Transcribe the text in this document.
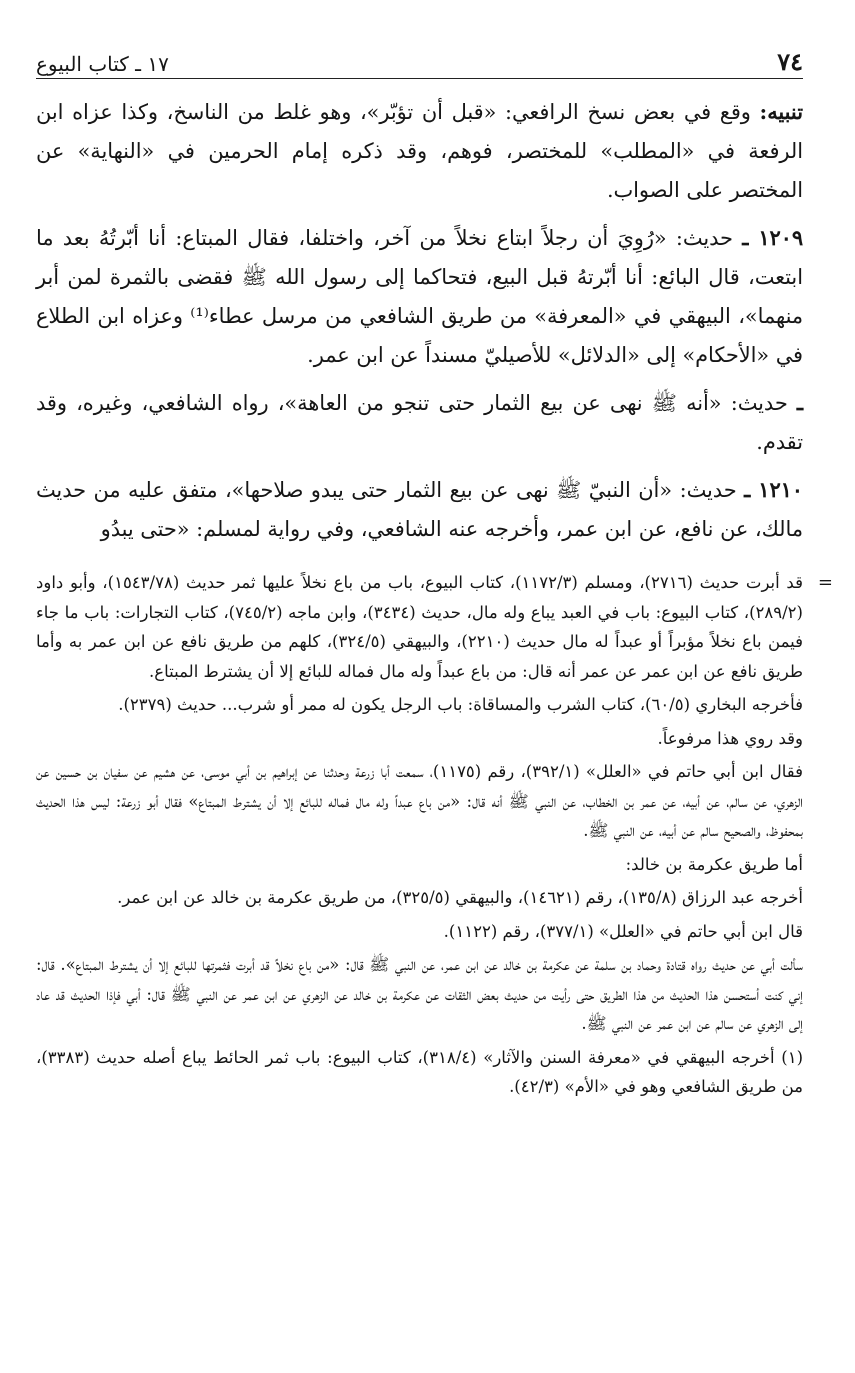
٧٤
١٧ ـ كتاب البيوع

تنبيه: وقع في بعض نسخ الرافعي: «قبل أن تؤبّر»، وهو غلط من الناسخ، وكذا عزاه ابن الرفعة في «المطلب» للمختصر، فوهم، وقد ذكره إمام الحرمين في «النهاية» عن المختصر على الصواب.

١٢٠٩ ـ حديث: «رُوِيَ أن رجلاً ابتاع نخلاً من آخر، واختلفا، فقال المبتاع: أنا أبّرتُهُ بعد ما ابتعت، قال البائع: أنا أبّرتهُ قبل البيع، فتحاكما إلى رسول الله ﷺ فقضى بالثمرة لمن أبر منهما»، البيهقي في «المعرفة» من طريق الشافعي من مرسل عطاء⁽¹⁾ وعزاه ابن الطلاع في «الأحكام» إلى «الدلائل» للأصيليّ مسنداً عن ابن عمر.

ـ حديث: «أنه ﷺ نهى عن بيع الثمار حتى تنجو من العاهة»، رواه الشافعي، وغيره، وقد تقدم.

١٢١٠ ـ حديث: «أن النبيّ ﷺ نهى عن بيع الثمار حتى يبدو صلاحها»، متفق عليه من حديث مالك، عن نافع، عن ابن عمر، وأخرجه عنه الشافعي، وفي رواية لمسلم: «حتى يبدُو

=

قد أبرت حديث (٢٧١٦)، ومسلم (١١٧٢/٣)، كتاب البيوع، باب من باع نخلاً عليها ثمر حديث (١٥٤٣/٧٨)، وأبو داود (٢٨٩/٢)، كتاب البيوع: باب في العبد يباع وله مال، حديث (٣٤٣٤)، وابن ماجه (٧٤٥/٢)، كتاب التجارات: باب ما جاء فيمن باع نخلاً مؤبراً أو عبداً له مال حديث (٢٢١٠)، والبيهقي (٣٢٤/٥)، كلهم من طريق نافع عن ابن عمر به وأما طريق نافع عن ابن عمر عن عمر أنه قال: من باع عبداً وله مال فماله للبائع إلا أن يشترط المبتاع.

فأخرجه البخاري (٦٠/٥)، كتاب الشرب والمساقاة: باب الرجل يكون له ممر أو شرب... حديث (٢٣٧٩).

وقد روي هذا مرفوعاً.

فقال ابن أبي حاتم في «العلل» (٣٩٢/١)، رقم (١١٧٥)، سمعت أبا زرعة وحدثنا عن إبراهيم بن أبي موسى، عن هشيم عن سفيان بن حسين عن الزهري، عن سالم، عن أبيه، عن عمر بن الخطاب، عن النبي ﷺ أنه قال: «من باع عبداً وله مال فماله للبائع إلا أن يشترط المبتاع» فقال أبو زرعة: ليس هذا الحديث بمحفوظ، والصحيح سالم عن أبيه، عن النبي ﷺ.

أما طريق عكرمة بن خالد:

أخرجه عبد الرزاق (١٣٥/٨)، رقم (١٤٦٢١)، والبيهقي (٣٢٥/٥)، من طريق عكرمة بن خالد عن ابن عمر.

قال ابن أبي حاتم في «العلل» (٣٧٧/١)، رقم (١١٢٢).

سألت أبي عن حديث رواه قتادة وحماد بن سلمة عن عكرمة بن خالد عن ابن عمر، عن النبي ﷺ قال: «من باع نخلاً قد أبرت فثمرتها للبائع إلا أن يشترط المبتاع». قال: إني كنت أستحسن هذا الحديث من هذا الطريق حتى رأيت من حديث بعض الثقات عن عكرمة بن خالد عن الزهري عن ابن عمر عن النبي ﷺ قال: أبي فإذا الحديث قد عاد إلى الزهري عن سالم عن ابن عمر عن النبي ﷺ.

(١) أخرجه البيهقي في «معرفة السنن والآثار» (٣١٨/٤)، كتاب البيوع: باب ثمر الحائط يباع أصله حديث (٣٣٨٣)، من طريق الشافعي وهو في «الأم» (٤٢/٣).
